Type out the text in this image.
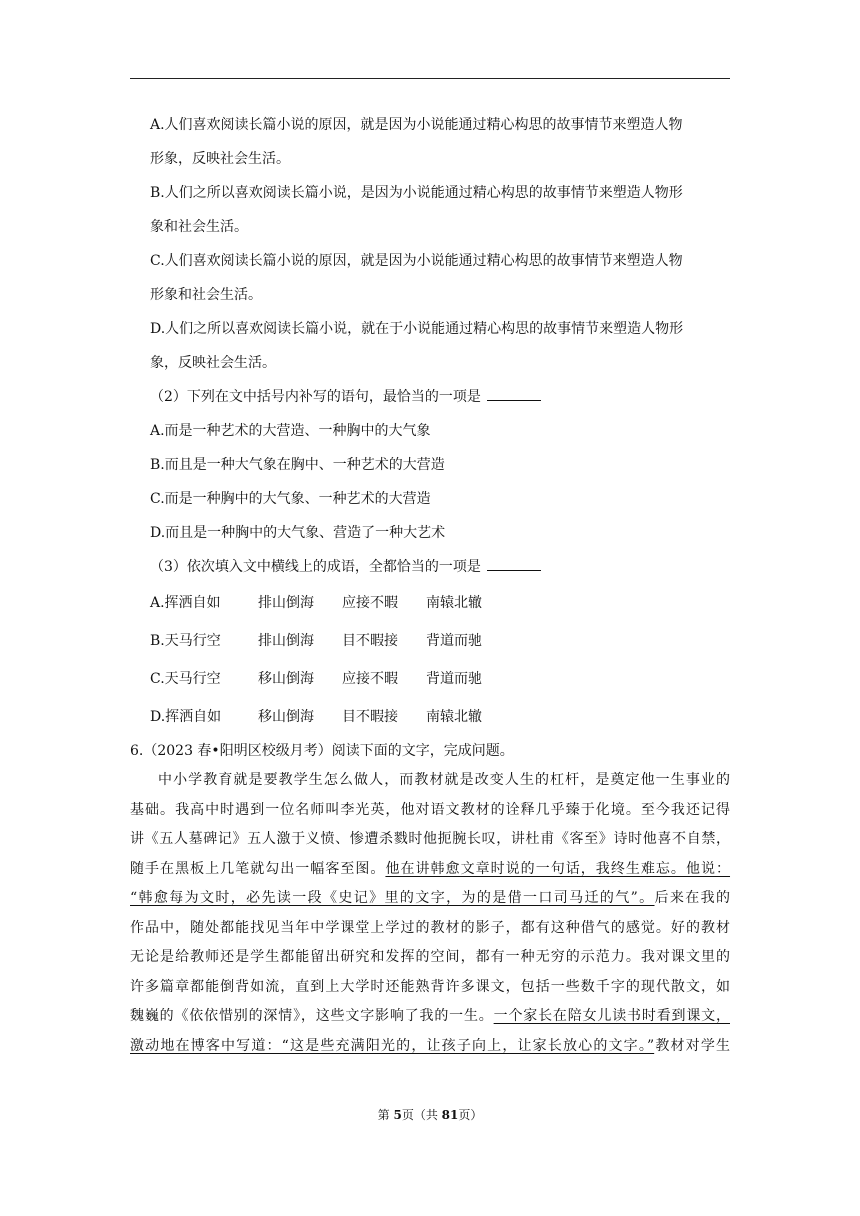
A.人们喜欢阅读长篇小说的原因，就是因为小说能通过精心构思的故事情节来塑造人物
形象，反映社会生活。
B.人们之所以喜欢阅读长篇小说，是因为小说能通过精心构思的故事情节来塑造人物形
象和社会生活。
C.人们喜欢阅读长篇小说的原因，就是因为小说能通过精心构思的故事情节来塑造人物
形象和社会生活。
D.人们之所以喜欢阅读长篇小说，就在于小说能通过精心构思的故事情节来塑造人物形
象，反映社会生活。
（2）下列在文中括号内补写的语句，最恰当的一项是
A.而是一种艺术的大营造、一种胸中的大气象
B.而且是一种大气象在胸中、一种艺术的大营造
C.而是一种胸中的大气象、一种艺术的大营造
D.而且是一种胸中的大气象、营造了一种大艺术
（3）依次填入文中横线上的成语，全都恰当的一项是
A.挥洒自如	排山倒海	应接不暇	南辕北辙
B.天马行空	排山倒海	目不暇接	背道而驰
C.天马行空	移山倒海	应接不暇	背道而驰
D.挥洒自如	移山倒海	目不暇接	南辕北辙
6.（2023 春•阳明区校级月考）阅读下面的文字，完成问题。
中小学教育就是要教学生怎么做人，而教材就是改变人生的杠杆，是奠定他一生事业的
基础。我高中时遇到一位名师叫李光英，他对语文教材的诠释几乎臻于化境。至今我还记得
讲《五人墓碑记》五人激于义愤、惨遭杀戮时他扼腕长叹，讲杜甫《客至》诗时他喜不自禁，
随手在黑板上几笔就勾出一幅客至图。他在讲韩愈文章时说的一句话，我终生难忘。他说：
“韩愈每为文时，必先读一段《史记》里的文字，为的是借一口司马迁的气”。后来在我的
作品中，随处都能找见当年中学课堂上学过的教材的影子，都有这种借气的感觉。好的教材
无论是给教师还是学生都能留出研究和发挥的空间，都有一种无穷的示范力。我对课文里的
许多篇章都能倒背如流，直到上大学时还能熟背许多课文，包括一些数千字的现代散文，如
魏巍的《依依惜别的深情》，这些文字影响了我的一生。一个家长在陪女儿读书时看到课文，
激动地在博客中写道：“这是些充满阳光的，让孩子向上，让家长放心的文字。”教材对学生
第 5页（共 81页）
